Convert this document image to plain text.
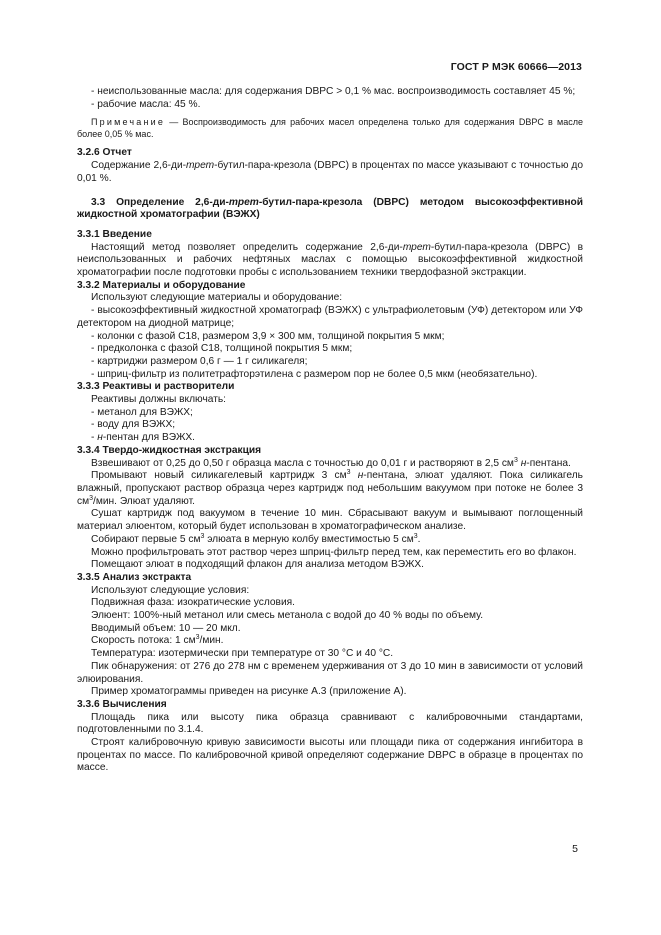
ГОСТ Р МЭК 60666—2013

- неиспользованные масла: для содержания DBPC > 0,1 % мас. воспроизводимость составляет 45 %;

- рабочие масла: 45 %.

Примечание — Воспроизводимость для рабочих масел определена только для содержания DBPC в масле более 0,05 % мас.

3.2.6 Отчет

Содержание 2,6-ди-трет-бутил-пара-крезола (DBPC) в процентах по массе указывают с точностью до 0,01 %.

3.3 Определение 2,6-ди-трет-бутил-пара-крезола (DBPC) методом высокоэффективной жидкостной хроматографии (ВЭЖХ)

3.3.1 Введение

Настоящий метод позволяет определить содержание 2,6-ди-трет-бутил-пара-крезола (DBPC) в неиспользованных и рабочих нефтяных маслах с помощью высокоэффективной жидкостной хроматографии после подготовки пробы с использованием техники твердофазной экстракции.

3.3.2 Материалы и оборудование

Используют следующие материалы и оборудование:

- высокоэффективный жидкостной хроматограф (ВЭЖХ) с ультрафиолетовым (УФ) детектором или УФ детектором на диодной матрице;

- колонки с фазой С18, размером 3,9 × 300 мм, толщиной покрытия 5 мкм;

- предколонка с фазой С18, толщиной покрытия 5 мкм;

- картриджи размером 0,6 г — 1 г силикагеля;

- шприц-фильтр из политетрафторэтилена с размером пор не более 0,5 мкм (необязательно).

3.3.3 Реактивы и растворители

Реактивы должны включать:

- метанол для ВЭЖХ;

- воду для ВЭЖХ;

- н-пентан для ВЭЖХ.

3.3.4 Твердо-жидкостная экстракция

Взвешивают от 0,25 до 0,50 г образца масла с точностью до 0,01 г и растворяют в 2,5 $см^3$ н-пентана.

Промывают новый силикагелевый картридж 3 $см^3$ н-пентана, элюат удаляют. Пока силикагель влажный, пропускают раствор образца через картридж под небольшим вакуумом при потоке не более 3 $см^3$/мин. Элюат удаляют.

Сушат картридж под вакуумом в течение 10 мин. Сбрасывают вакуум и вымывают поглощенный материал элюентом, который будет использован в хроматографическом анализе.

Собирают первые 5 $см^3$ элюата в мерную колбу вместимостью 5 $см^3$.

Можно профильтровать этот раствор через шприц-фильтр перед тем, как переместить его во флакон.

Помещают элюат в подходящий флакон для анализа методом ВЭЖХ.

3.3.5 Анализ экстракта

Используют следующие условия:

Подвижная фаза: изократические условия.

Элюент: 100%-ный метанол или смесь метанола с водой до 40 % воды по объему.

Вводимый объем: 10 — 20 мкл.

Скорость потока: 1 $см^3$/мин.

Температура: изотермически при температуре от 30 °С и 40 °С.

Пик обнаружения: от 276 до 278 нм с временем удерживания от 3 до 10 мин в зависимости от условий элюирования.

Пример хроматограммы приведен на рисунке А.3 (приложение А).

3.3.6 Вычисления

Площадь пика или высоту пика образца сравнивают с калибровочными стандартами, подготовленными по 3.1.4.

Строят калибровочную кривую зависимости высоты или площади пика от содержания ингибитора в процентах по массе. По калибровочной кривой определяют содержание DBPC в образце в процентах по массе.

5
